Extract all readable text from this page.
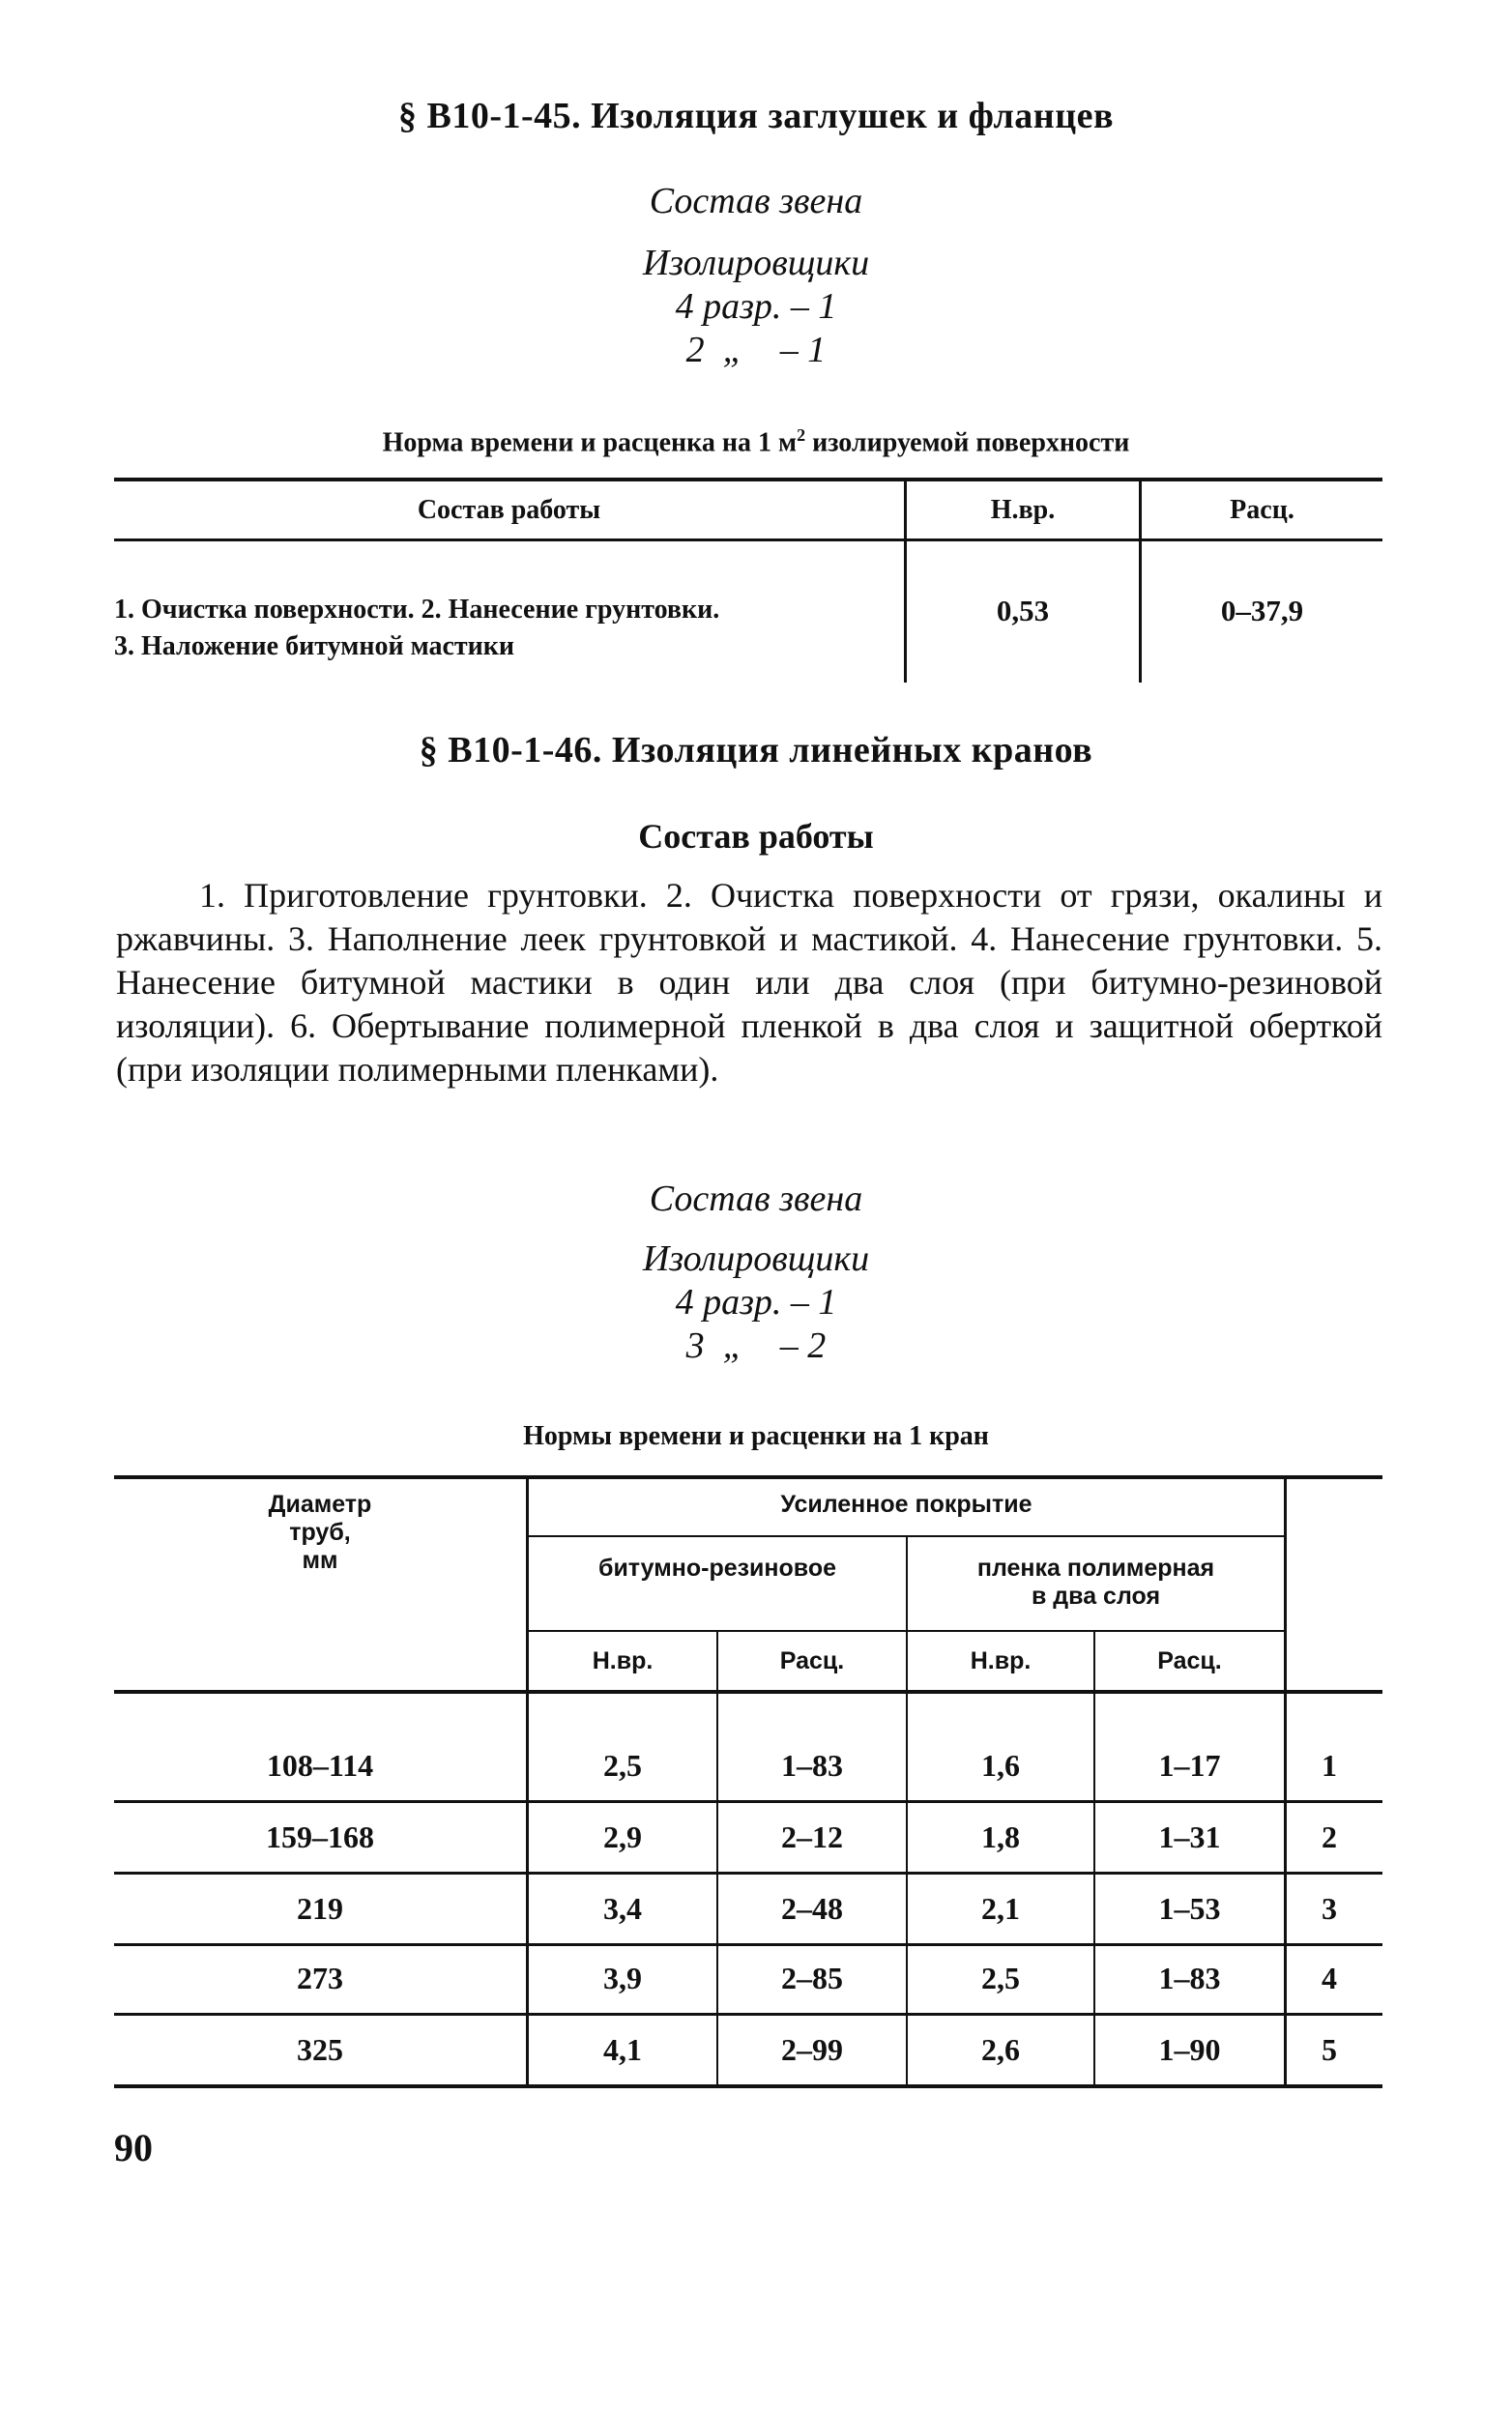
§ В10-1-45. Изоляция заглушек и фланцев
Состав звена
Изолировщики
4 разр. – 1
2  „    – 1
Норма времени и расценка на 1 $м^2$ изолируемой поверхности
Состав работы	Н.вр.	Расц.
1. Очистка поверхности. 2. Нанесение грунтовки.
3. Наложение битумной мастики
0,53	0–37,9
§ В10-1-46. Изоляция линейных кранов
Состав работы
1. Приготовление грунтовки. 2. Очистка поверхности от грязи, окалины и ржавчины. 3. Наполнение леек грунтовкой и мастикой. 4. Нанесение грунтовки. 5. Нанесение битумной мастики в один или два слоя (при битумно-резиновой изоляции). 6. Обертывание полимерной пленкой в два слоя и защитной оберткой (при изоляции полимерными пленками).
Состав звена
Изолировщики
4 разр. – 1
3  „    – 2
Нормы времени и расценки на 1 кран
Диаметр
труб,
мм
Усиленное покрытие
битумно-резиновое	пленка полимерная
в два слоя
Н.вр.	Расц.	Н.вр.	Расц.
108–114	2,5	1–83	1,6	1–17	1
159–168	2,9	2–12	1,8	1–31	2
219	3,4	2–48	2,1	1–53	3
273	3,9	2–85	2,5	1–83	4
325	4,1	2–99	2,6	1–90	5
90
